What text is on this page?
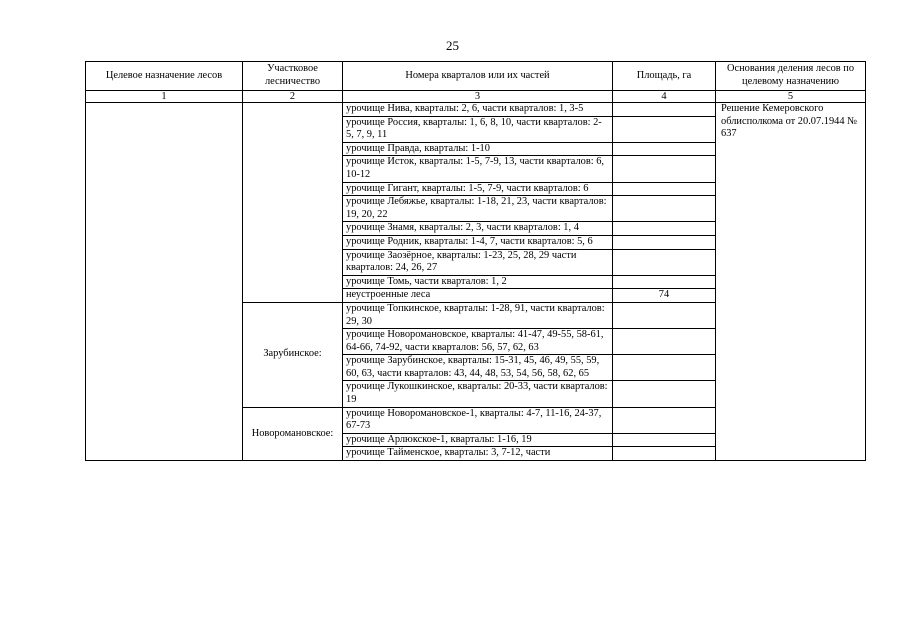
25
Целевое назначение лесов	Участковое лесничество	Номера кварталов или их частей	Площадь, га	Основания деления лесов по целевому назначению
1	2	3	4	5
		урочище Нива, кварталы: 2, 6, части кварталов: 1, 3-5		Решение Кемеровского облисполкома от 20.07.1944 № 637
		урочище Россия, кварталы: 1, 6, 8, 10, части кварталов: 2-5, 7, 9, 11		
		урочище Правда, кварталы: 1-10		
		урочище Исток, кварталы: 1-5, 7-9, 13, части кварталов: 6, 10-12		
		урочище Гигант, кварталы: 1-5, 7-9, части кварталов: 6		
		урочище Лебяжье, кварталы: 1-18, 21, 23, части кварталов: 19, 20, 22		
		урочище Знамя, кварталы: 2, 3, части кварталов: 1, 4		
		урочище Родник, кварталы: 1-4, 7, части кварталов: 5, 6		
		урочище Заозёрное, кварталы: 1-23, 25, 28, 29 части кварталов: 24, 26, 27		
		урочище Томь, части кварталов: 1, 2		
		неустроенные леса	74	
	Зарубинское:	урочище Топкинское, кварталы: 1-28, 91, части кварталов: 29, 30		
		урочище Новоромановское, кварталы: 41-47, 49-55, 58-61, 64-66, 74-92, части кварталов: 56, 57, 62, 63		
		урочище Зарубинское, кварталы: 15-31, 45, 46, 49, 55, 59, 60, 63, части кварталов: 43, 44, 48, 53, 54, 56, 58, 62, 65		
		урочище Лукошкинское, кварталы: 20-33, части кварталов: 19		
	Новороманoвское:	урочище Новороманoвское-1, кварталы: 4-7, 11-16, 24-37, 67-73		
		урочище Арлюкское-1, кварталы: 1-16, 19		
		урочище Тайменское, кварталы: 3, 7-12, части		
